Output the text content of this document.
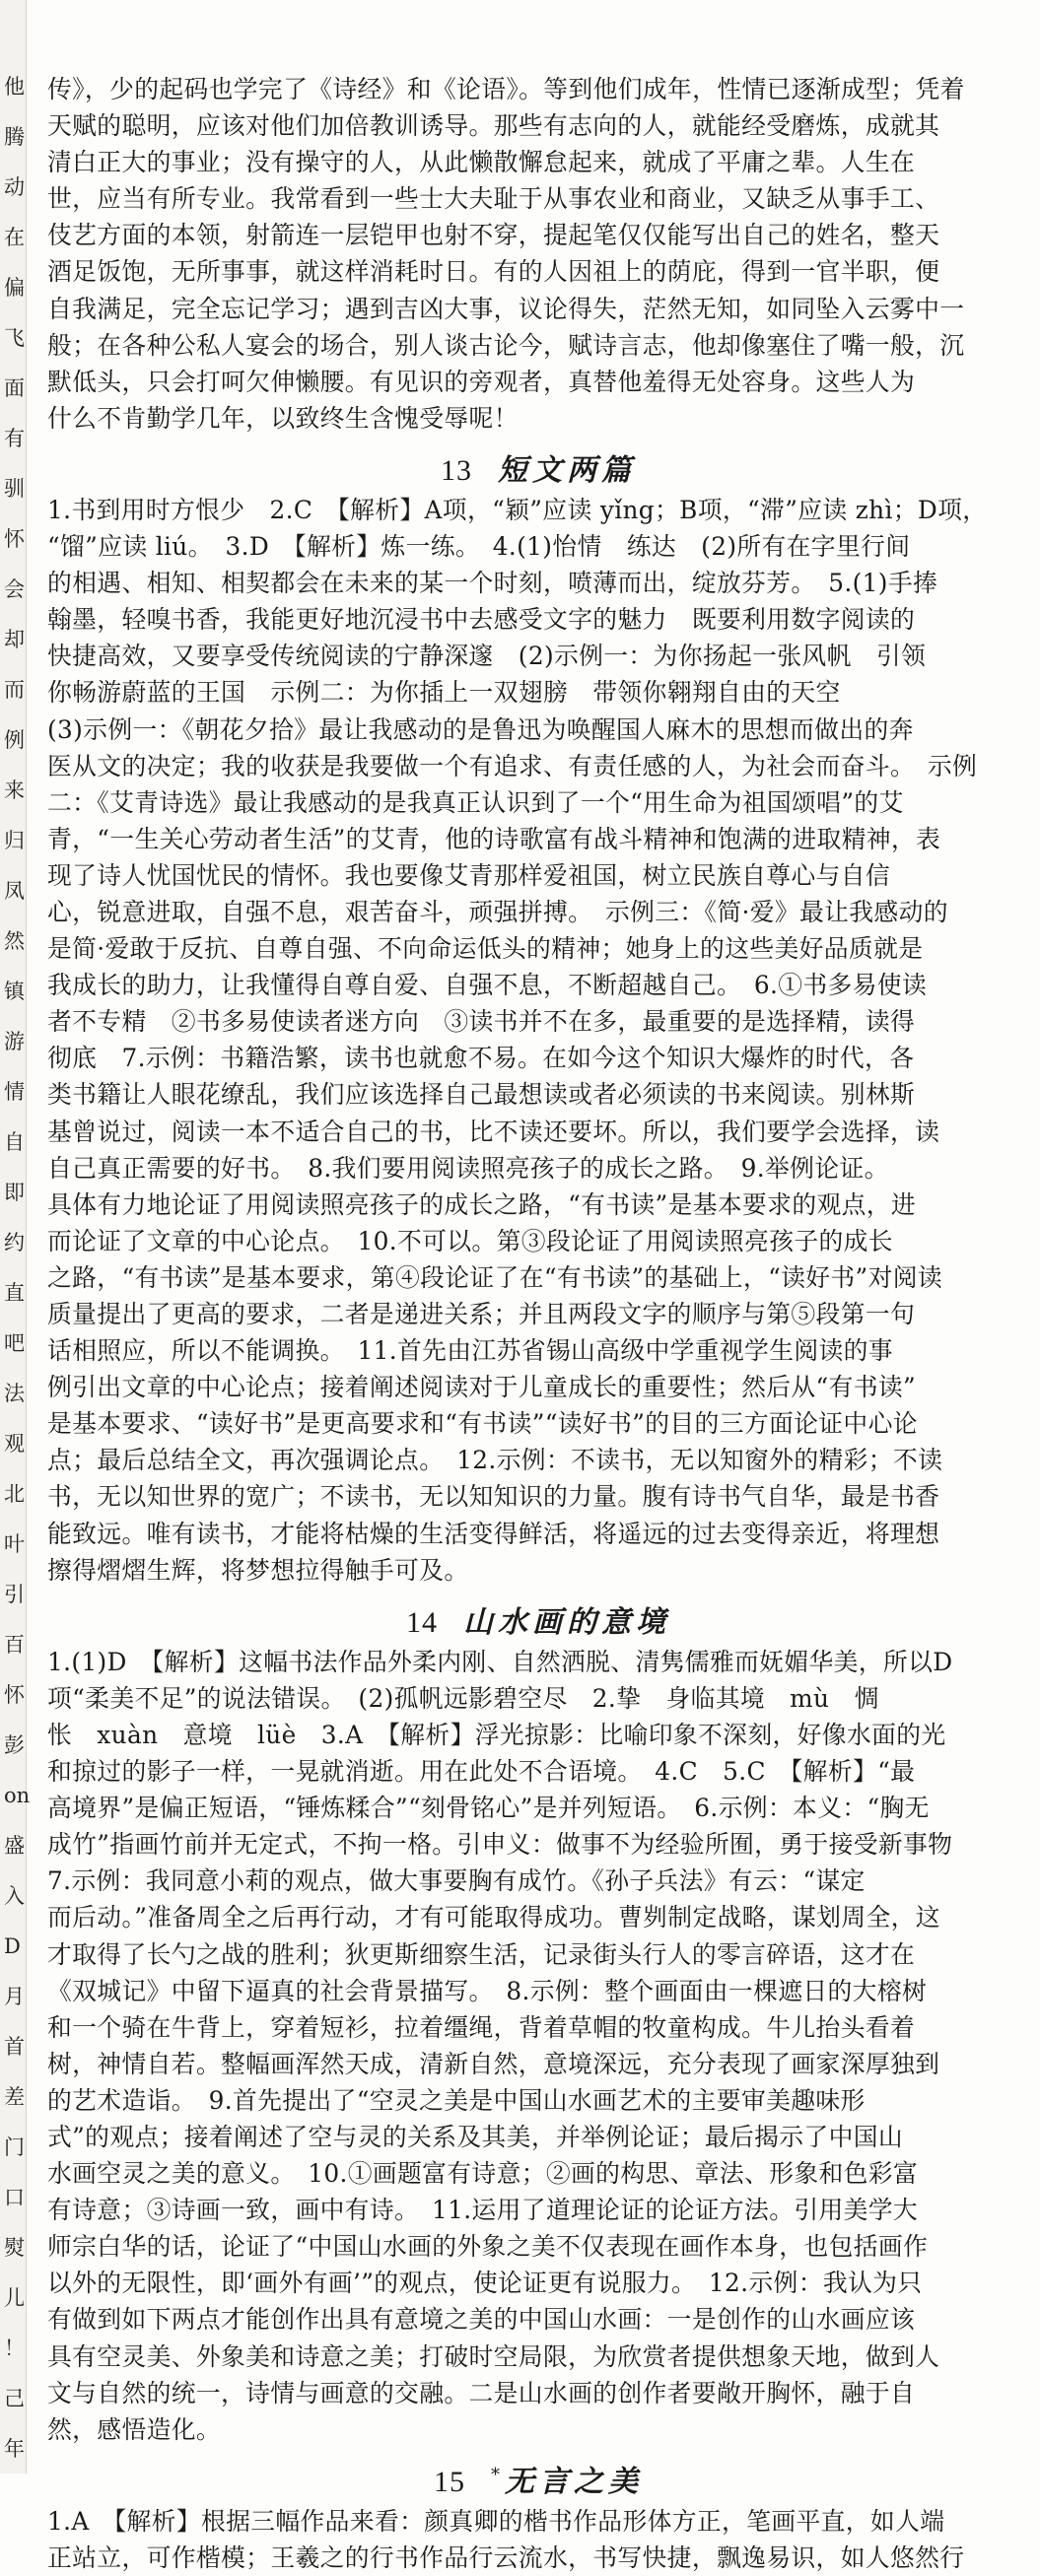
他
腾
动
在
偏
飞
面
有
驯
怀
会
却
而
例
来
归
凤
然
镇
游
情
自
即
约
直
吧
法
观
北
叶
引
百
怀
彭
on
盛
入
D
月
首
差
门
口
熨
儿
！
己
年
传》，少的起码也学完了《诗经》和《论语》。等到他们成年，性情已逐渐成型；凭着
天赋的聪明，应该对他们加倍教训诱导。那些有志向的人，就能经受磨炼，成就其
清白正大的事业；没有操守的人，从此懒散懈怠起来，就成了平庸之辈。人生在
世，应当有所专业。我常看到一些士大夫耻于从事农业和商业，又缺乏从事手工、
伎艺方面的本领，射箭连一层铠甲也射不穿，提起笔仅仅能写出自己的姓名，整天
酒足饭饱，无所事事，就这样消耗时日。有的人因祖上的荫庇，得到一官半职，便
自我满足，完全忘记学习；遇到吉凶大事，议论得失，茫然无知，如同坠入云雾中一
般；在各种公私人宴会的场合，别人谈古论今，赋诗言志，他却像塞住了嘴一般，沉
默低头，只会打呵欠伸懒腰。有见识的旁观者，真替他羞得无处容身。这些人为
什么不肯勤学几年，以致终生含愧受辱呢！
13 短文两篇
1.书到用时方恨少　2.C　【解析】A项，“颖”应读 yǐng；B项，“滞”应读 zhì；D项，
“馏”应读 liú。　3.D　【解析】炼一练。　4.(1)怡情　练达　(2)所有在字里行间
的相遇、相知、相契都会在未来的某一个时刻，喷薄而出，绽放芬芳。　5.(1)手捧
翰墨，轻嗅书香，我能更好地沉浸书中去感受文字的魅力　既要利用数字阅读的
快捷高效，又要享受传统阅读的宁静深邃　(2)示例一：为你扬起一张风帆　引领
你畅游蔚蓝的王国　示例二：为你插上一双翅膀　带领你翱翔自由的天空
(3)示例一：《朝花夕拾》最让我感动的是鲁迅为唤醒国人麻木的思想而做出的奔
医从文的决定；我的收获是我要做一个有追求、有责任感的人，为社会而奋斗。　示例
二：《艾青诗选》最让我感动的是我真正认识到了一个“用生命为祖国颂唱”的艾
青，“一生关心劳动者生活”的艾青，他的诗歌富有战斗精神和饱满的进取精神，表
现了诗人忧国忧民的情怀。我也要像艾青那样爱祖国，树立民族自尊心与自信
心，锐意进取，自强不息，艰苦奋斗，顽强拼搏。　示例三：《简·爱》最让我感动的
是简·爱敢于反抗、自尊自强、不向命运低头的精神；她身上的这些美好品质就是
我成长的助力，让我懂得自尊自爱、自强不息，不断超越自己。　6.①书多易使读
者不专精　②书多易使读者迷方向　③读书并不在多，最重要的是选择精，读得
彻底　7.示例：书籍浩繁，读书也就愈不易。在如今这个知识大爆炸的时代，各
类书籍让人眼花缭乱，我们应该选择自己最想读或者必须读的书来阅读。别林斯
基曾说过，阅读一本不适合自己的书，比不读还要坏。所以，我们要学会选择，读
自己真正需要的好书。　8.我们要用阅读照亮孩子的成长之路。　9.举例论证。
具体有力地论证了用阅读照亮孩子的成长之路，“有书读”是基本要求的观点，进
而论证了文章的中心论点。　10.不可以。第③段论证了用阅读照亮孩子的成长
之路，“有书读”是基本要求，第④段论证了在“有书读”的基础上，“读好书”对阅读
质量提出了更高的要求，二者是递进关系；并且两段文字的顺序与第⑤段第一句
话相照应，所以不能调换。　11.首先由江苏省锡山高级中学重视学生阅读的事
例引出文章的中心论点；接着阐述阅读对于儿童成长的重要性；然后从“有书读”
是基本要求、“读好书”是更高要求和“有书读”“读好书”的目的三方面论证中心论
点；最后总结全文，再次强调论点。　12.示例：不读书，无以知窗外的精彩；不读
书，无以知世界的宽广；不读书，无以知知识的力量。腹有诗书气自华，最是书香
能致远。唯有读书，才能将枯燥的生活变得鲜活，将遥远的过去变得亲近，将理想
擦得熠熠生辉，将梦想拉得触手可及。
14 山水画的意境
1.(1)D　【解析】这幅书法作品外柔内刚、自然洒脱、清隽儒雅而妩媚华美，所以D
项“柔美不足”的说法错误。　(2)孤帆远影碧空尽　2.挚　身临其境　mù　惆
怅　xuàn　意境　lüè　3.A　【解析】浮光掠影：比喻印象不深刻，好像水面的光
和掠过的影子一样，一晃就消逝。用在此处不合语境。　4.C　5.C　【解析】“最
高境界”是偏正短语，“锤炼糅合”“刻骨铭心”是并列短语。　6.示例：本义：“胸无
成竹”指画竹前并无定式，不拘一格。引申义：做事不为经验所囿，勇于接受新事物
7.示例：我同意小莉的观点，做大事要胸有成竹。《孙子兵法》有云：“谋定
而后动。”准备周全之后再行动，才有可能取得成功。曹刿制定战略，谋划周全，这
才取得了长勺之战的胜利；狄更斯细察生活，记录街头行人的零言碎语，这才在
《双城记》中留下逼真的社会背景描写。　8.示例：整个画面由一棵遮日的大榕树
和一个骑在牛背上，穿着短衫，拉着缰绳，背着草帽的牧童构成。牛儿抬头看着
树，神情自若。整幅画浑然天成，清新自然，意境深远，充分表现了画家深厚独到
的艺术造诣。　9.首先提出了“空灵之美是中国山水画艺术的主要审美趣味形
式”的观点；接着阐述了空与灵的关系及其美，并举例论证；最后揭示了中国山
水画空灵之美的意义。　10.①画题富有诗意；②画的构思、章法、形象和色彩富
有诗意；③诗画一致，画中有诗。　11.运用了道理论证的论证方法。引用美学大
师宗白华的话，论证了“中国山水画的外象之美不仅表现在画作本身，也包括画作
以外的无限性，即‘画外有画’”的观点，使论证更有说服力。　12.示例：我认为只
有做到如下两点才能创作出具有意境之美的中国山水画：一是创作的山水画应该
具有空灵美、外象美和诗意之美；打破时空局限，为欣赏者提供想象天地，做到人
文与自然的统一，诗情与画意的交融。二是山水画的创作者要敞开胸怀，融于自
然，感悟造化。
15 *无言之美
1.A　【解析】根据三幅作品来看：颜真卿的楷书作品形体方正，笔画平直，如人端
正站立，可作楷模；王羲之的行书作品行云流水，书写快捷，飘逸易识，如人悠然行
